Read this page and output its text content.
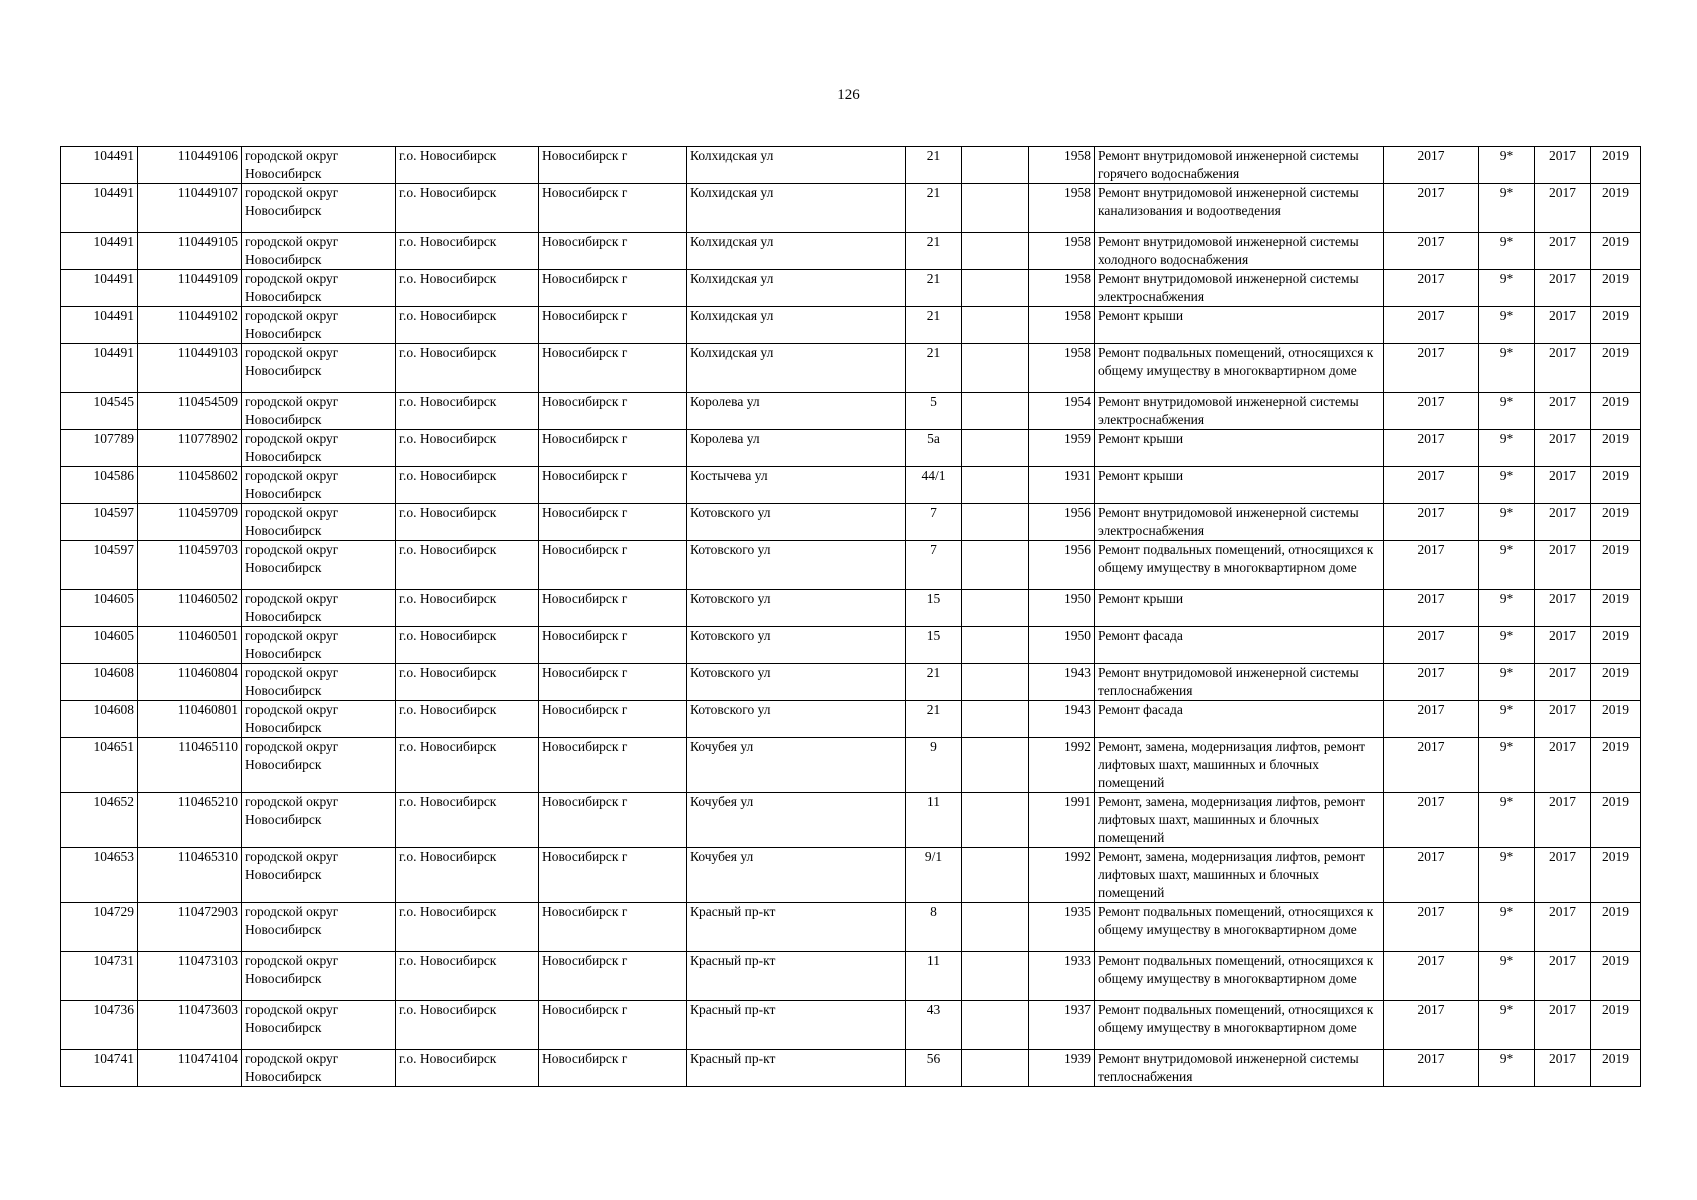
126
104491	110449106	городской округ Новосибирск	г.о. Новосибирск	Новосибирск г	Колхидская ул	21		1958	Ремонт внутридомовой инженерной системы горячего водоснабжения	2017	9*	2017	2019
104491	110449107	городской округ Новосибирск	г.о. Новосибирск	Новосибирск г	Колхидская ул	21		1958	Ремонт внутридомовой инженерной системы канализования и водоотведения	2017	9*	2017	2019
104491	110449105	городской округ Новосибирск	г.о. Новосибирск	Новосибирск г	Колхидская ул	21		1958	Ремонт внутридомовой инженерной системы холодного водоснабжения	2017	9*	2017	2019
104491	110449109	городской округ Новосибирск	г.о. Новосибирск	Новосибирск г	Колхидская ул	21		1958	Ремонт внутридомовой инженерной системы электроснабжения	2017	9*	2017	2019
104491	110449102	городской округ Новосибирск	г.о. Новосибирск	Новосибирск г	Колхидская ул	21		1958	Ремонт крыши	2017	9*	2017	2019
104491	110449103	городской округ Новосибирск	г.о. Новосибирск	Новосибирск г	Колхидская ул	21		1958	Ремонт подвальных помещений, относящихся к общему имуществу в многоквартирном доме	2017	9*	2017	2019
104545	110454509	городской округ Новосибирск	г.о. Новосибирск	Новосибирск г	Королева ул	5		1954	Ремонт внутридомовой инженерной системы электроснабжения	2017	9*	2017	2019
107789	110778902	городской округ Новосибирск	г.о. Новосибирск	Новосибирск г	Королева ул	5а		1959	Ремонт крыши	2017	9*	2017	2019
104586	110458602	городской округ Новосибирск	г.о. Новосибирск	Новосибирск г	Костычева ул	44/1		1931	Ремонт крыши	2017	9*	2017	2019
104597	110459709	городской округ Новосибирск	г.о. Новосибирск	Новосибирск г	Котовского ул	7		1956	Ремонт внутридомовой инженерной системы электроснабжения	2017	9*	2017	2019
104597	110459703	городской округ Новосибирск	г.о. Новосибирск	Новосибирск г	Котовского ул	7		1956	Ремонт подвальных помещений, относящихся к общему имуществу в многоквартирном доме	2017	9*	2017	2019
104605	110460502	городской округ Новосибирск	г.о. Новосибирск	Новосибирск г	Котовского ул	15		1950	Ремонт крыши	2017	9*	2017	2019
104605	110460501	городской округ Новосибирск	г.о. Новосибирск	Новосибирск г	Котовского ул	15		1950	Ремонт фасада	2017	9*	2017	2019
104608	110460804	городской округ Новосибирск	г.о. Новосибирск	Новосибирск г	Котовского ул	21		1943	Ремонт внутридомовой инженерной системы теплоснабжения	2017	9*	2017	2019
104608	110460801	городской округ Новосибирск	г.о. Новосибирск	Новосибирск г	Котовского ул	21		1943	Ремонт фасада	2017	9*	2017	2019
104651	110465110	городской округ Новосибирск	г.о. Новосибирск	Новосибирск г	Кочубея ул	9		1992	Ремонт, замена, модернизация лифтов, ремонт лифтовых шахт, машинных и блочных помещений	2017	9*	2017	2019
104652	110465210	городской округ Новосибирск	г.о. Новосибирск	Новосибирск г	Кочубея ул	11		1991	Ремонт, замена, модернизация лифтов, ремонт лифтовых шахт, машинных и блочных помещений	2017	9*	2017	2019
104653	110465310	городской округ Новосибирск	г.о. Новосибирск	Новосибирск г	Кочубея ул	9/1		1992	Ремонт, замена, модернизация лифтов, ремонт лифтовых шахт, машинных и блочных помещений	2017	9*	2017	2019
104729	110472903	городской округ Новосибирск	г.о. Новосибирск	Новосибирск г	Красный пр-кт	8		1935	Ремонт подвальных помещений, относящихся к общему имуществу в многоквартирном доме	2017	9*	2017	2019
104731	110473103	городской округ Новосибирск	г.о. Новосибирск	Новосибирск г	Красный пр-кт	11		1933	Ремонт подвальных помещений, относящихся к общему имуществу в многоквартирном доме	2017	9*	2017	2019
104736	110473603	городской округ Новосибирск	г.о. Новосибирск	Новосибирск г	Красный пр-кт	43		1937	Ремонт подвальных помещений, относящихся к общему имуществу в многоквартирном доме	2017	9*	2017	2019
104741	110474104	городской округ Новосибирск	г.о. Новосибирск	Новосибирск г	Красный пр-кт	56		1939	Ремонт внутридомовой инженерной системы теплоснабжения	2017	9*	2017	2019
